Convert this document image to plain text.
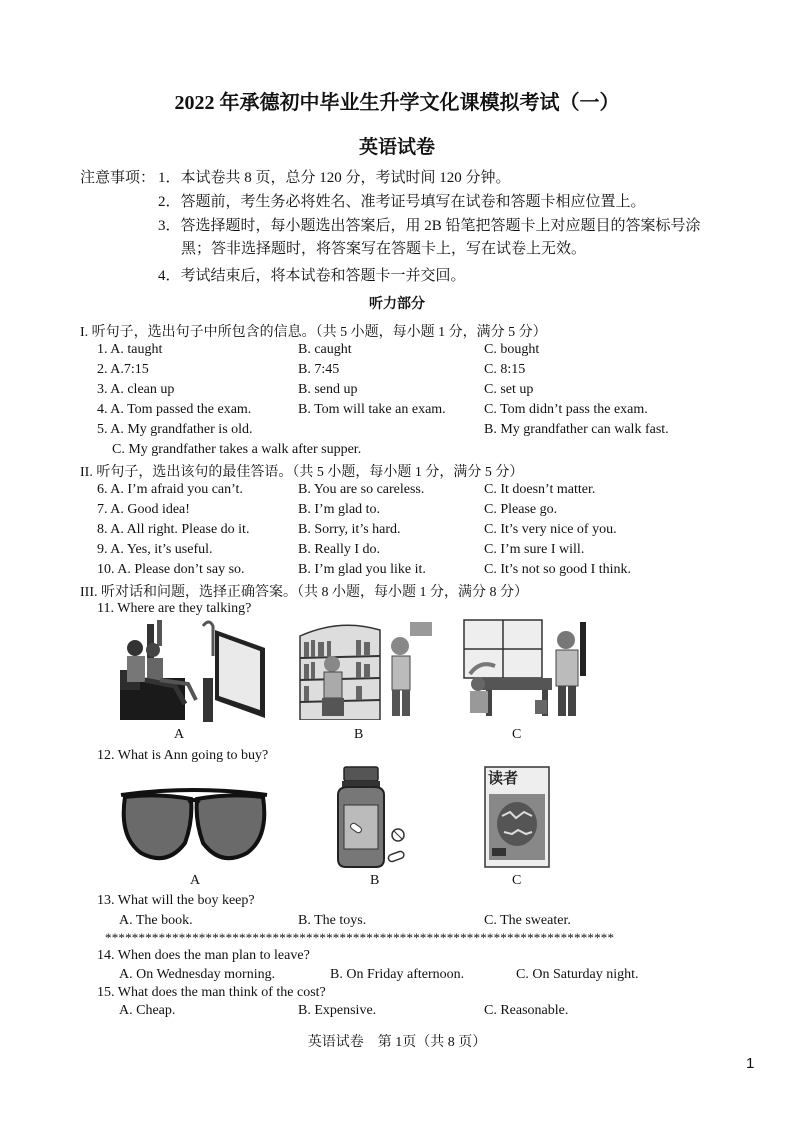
2022 年承德初中毕业生升学文化课模拟考试（一）
英语试卷
注意事项： 1．本试卷共 8 页，总分 120 分，考试时间 120 分钟。
2．答题前，考生务必将姓名、准考证号填写在试卷和答题卡相应位置上。
3．答选择题时，每小题选出答案后，用 2B 铅笔把答题卡上对应题目的答案标号涂
黑；答非选择题时，将答案写在答题卡上，写在试卷上无效。
4．考试结束后，将本试卷和答题卡一并交回。
听力部分
I. 听句子，选出句子中所包含的信息。（共 5 小题，每小题 1 分，满分 5 分）
1. A. taught	B. caught	C. bought
2. A.7:15	B. 7:45	C. 8:15
3. A. clean up	B. send up	C. set up
4. A. Tom passed the exam.	B. Tom will take an exam.	C. Tom didn’t pass the exam.
5. A. My grandfather is old.	B. My grandfather can walk fast.
C. My grandfather takes a walk after supper.
II. 听句子，选出该句的最佳答语。（共 5 小题，每小题 1 分，满分 5 分）
6. A. I’m afraid you can’t.	B. You are so careless.	C. It doesn’t matter.
7. A. Good idea!	B. I’m glad to.	C. Please go.
8. A. All right. Please do it.	B. Sorry, it’s hard.	C. It’s very nice of you.
9. A. Yes, it’s useful.	B. Really I do.	C. I’m sure I will.
10. A. Please don’t say so.	B. I’m glad you like it.	C. It’s not so good I think.
III. 听对话和问题，选择正确答案。（共 8 小题，每小题 1 分，满分 8 分）
11. Where are they talking?
A	B	C
12. What is Ann going to buy?
读者
A	B	C
13. What will the boy keep?
A. The book.	B. The toys.	C. The sweater.
****************************************************************************
14. When does the man plan to leave?
A. On Wednesday morning.	B. On Friday afternoon.	C. On Saturday night.
15. What does the man think of the cost?
A. Cheap.	B. Expensive.	C. Reasonable.
英语试卷　第 1页（共 8 页）
1
